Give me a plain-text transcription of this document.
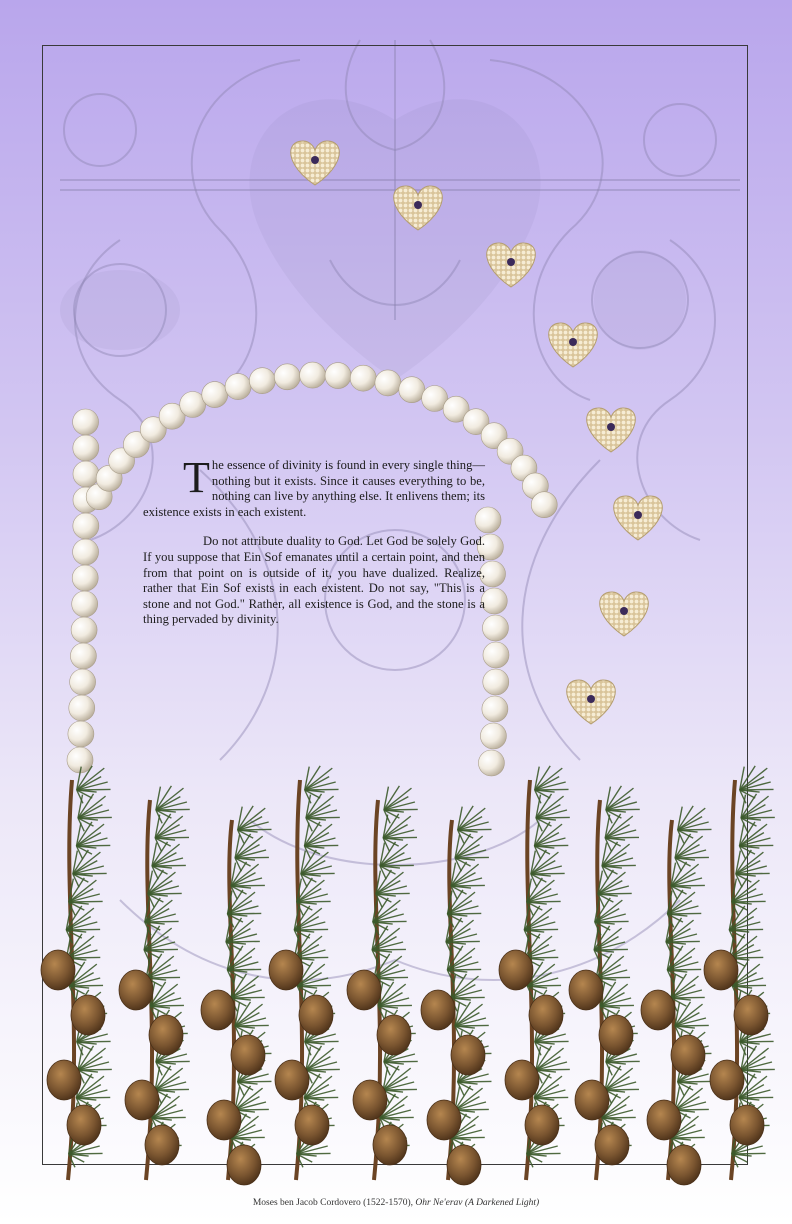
The essence of divinity is found in every single thing—nothing but it exists. Since it causes everything to be, nothing can live by anything else. It enlivens them; its existence exists in each existent.

Do not attribute duality to God. Let God be solely God. If you suppose that Ein Sof emanates until a certain point, and then from that point on is outside of it, you have dualized. Realize, rather that Ein Sof exists in each existent. Do not say, "This is a stone and not God." Rather, all existence is God, and the stone is a thing pervaded by divinity.

Moses ben Jacob Cordovero (1522-1570), Ohr Ne'erav (A Darkened Light)
